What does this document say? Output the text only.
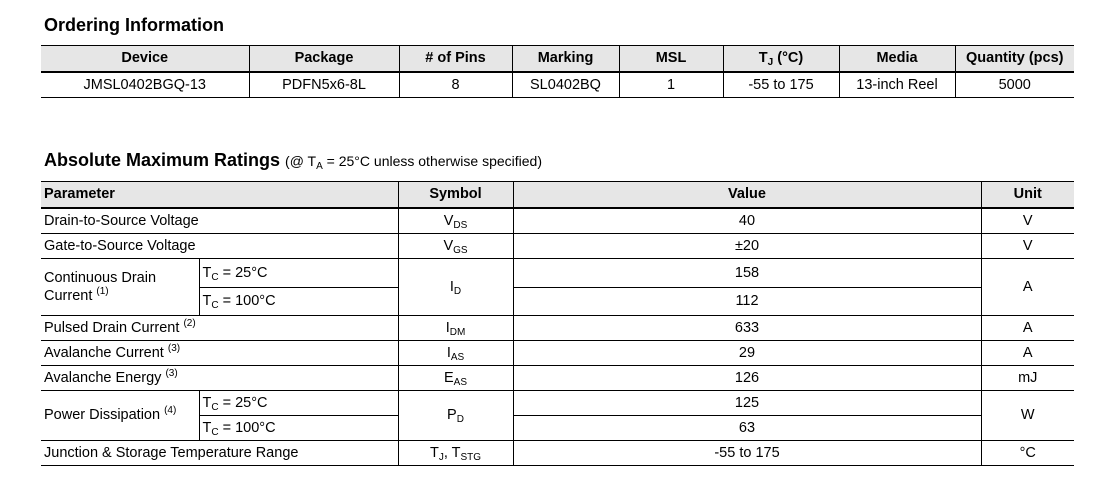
Ordering Information
Device	Package	# of Pins	Marking	MSL	$T_J$ (°C)	Media	Quantity (pcs)
JMSL0402BGQ-13	PDFN5x6-8L	8	SL0402BQ	1	-55 to 175	13-inch Reel	5000
Absolute Maximum Ratings (@ $T_A = 25^\circ C$ unless otherwise specified)
Parameter		Symbol	Value	Unit
Drain-to-Source Voltage		$V_{DS}$	40	V
Gate-to-Source Voltage		$V_{GS}$	±20	V
Continuous Drain
Current $^{(1)}$	$T_C = 25^\circ C$	$I_D$	158	A
	$T_C = 100^\circ C$		112	
Pulsed Drain Current $^{(2)}$		$I_{DM}$	633	A
Avalanche Current $^{(3)}$		$I_{AS}$	29	A
Avalanche Energy $^{(3)}$		$E_{AS}$	126	mJ
Power Dissipation $^{(4)}$	$T_C = 25^\circ C$	$P_D$	125	W
	$T_C = 100^\circ C$		63	
Junction & Storage Temperature Range		$T_J$, $T_{STG}$	-55 to 175	°C
